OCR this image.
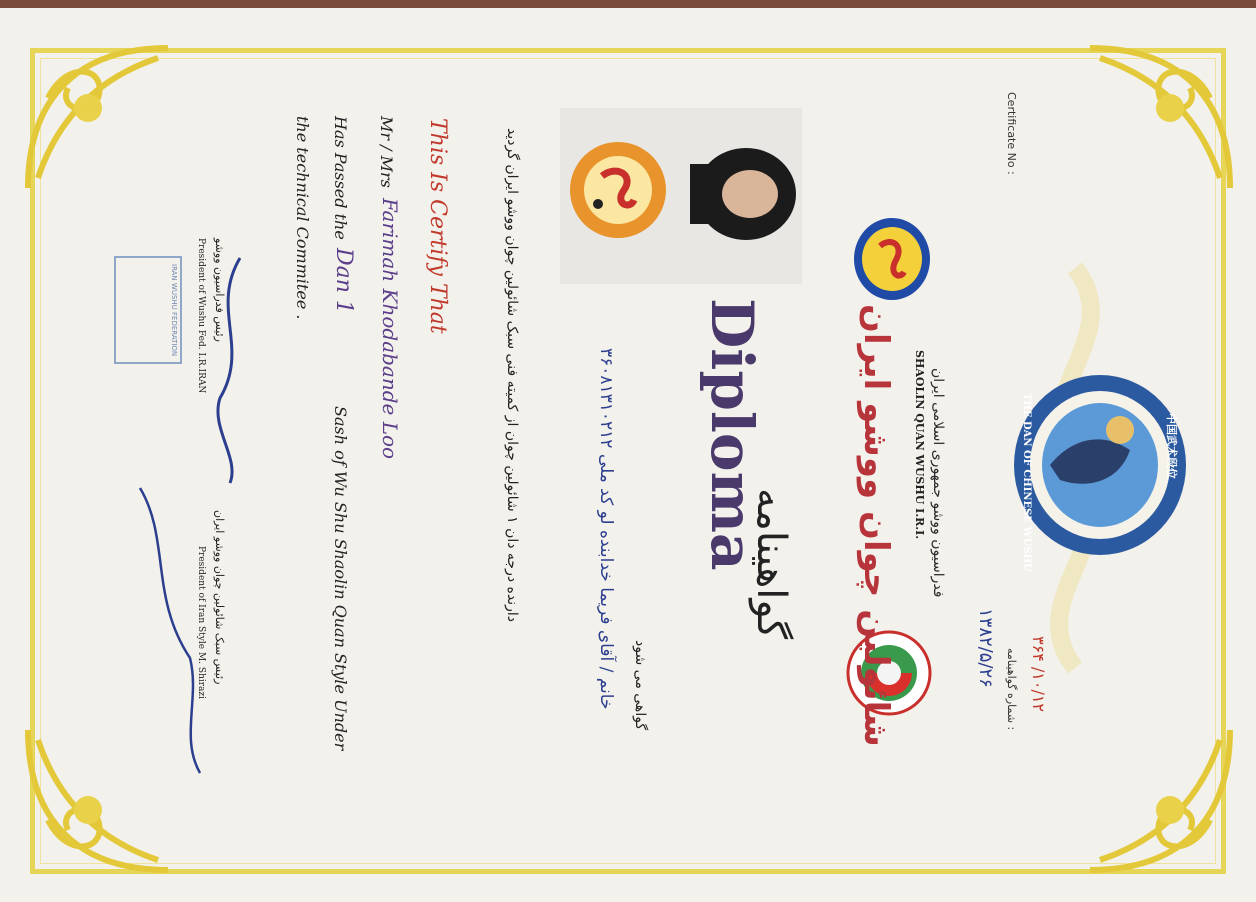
Certificate No :
شماره گواهینامه :
۱۳۸۲/۵/۲۶ ۳۶۴ /۱۰/۱۲
中国武术段位
THE DAN OF CHINESE WUSHU
فدراسیون ووشو جمهوری اسلامی ایران
SHAOLIN QUAN WUSHU I.R.I.
شائولین چوان ووشو ایران
Diploma
گواهینامه
گواهی می شود
خانم / آقای فریما خدابنده لو کد ملی ۳۶۰۸۱۳۱۰۲۱۲
دارنده درجه دان ۱ شائولین چوان از کمیته فنی سبک شائولین چوان ووشو ایران گردید
This Is Certify That
Mr / Mrs
Farimah Khodabande Loo
Has Passed the
Dan 1
Sash of Wu Shu Shaolin Quan Style Under
the technical Commitee .
رئیس فدراسیون ووشو
President of Wushu Fed. I.R.IRAN
رئیس سبک شائولین چوان ووشو ایران
President of Iran Style M. Shirazi
IRAN WUSHU FEDERATION
